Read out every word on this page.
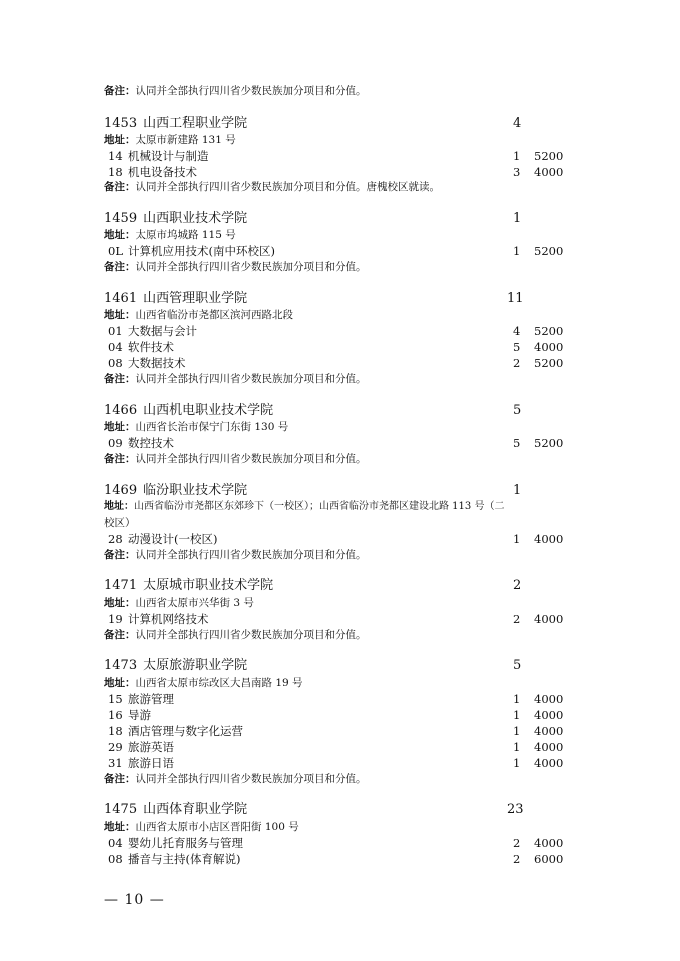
备注：认同并全部执行四川省少数民族加分项目和分值。
1453 山西工程职业学院	4
地址：太原市新建路 131 号
14 机械设计与制造	1 5200
18 机电设备技术	3 4000
备注：认同并全部执行四川省少数民族加分项目和分值。唐槐校区就读。
1459 山西职业技术学院	1
地址：太原市坞城路 115 号
0L 计算机应用技术(南中环校区)	1 5200
备注：认同并全部执行四川省少数民族加分项目和分值。
1461 山西管理职业学院	11
地址：山西省临汾市尧都区滨河西路北段
01 大数据与会计	4 5200
04 软件技术	5 4000
08 大数据技术	2 5200
备注：认同并全部执行四川省少数民族加分项目和分值。
1466 山西机电职业技术学院	5
地址：山西省长治市保宁门东街 130 号
09 数控技术	5 5200
备注：认同并全部执行四川省少数民族加分项目和分值。
1469 临汾职业技术学院	1
地址：山西省临汾市尧都区东郊珍下（一校区）；山西省临汾市尧都区建设北路 113 号（二
校区）
28 动漫设计(一校区)	1 4000
备注：认同并全部执行四川省少数民族加分项目和分值。
1471 太原城市职业技术学院	2
地址：山西省太原市兴华街 3 号
19 计算机网络技术	2 4000
备注：认同并全部执行四川省少数民族加分项目和分值。
1473 太原旅游职业学院	5
地址：山西省太原市综改区大昌南路 19 号
15 旅游管理	1 4000
16 导游	1 4000
18 酒店管理与数字化运营	1 4000
29 旅游英语	1 4000
31 旅游日语	1 4000
备注：认同并全部执行四川省少数民族加分项目和分值。
1475 山西体育职业学院	23
地址：山西省太原市小店区晋阳街 100 号
04 婴幼儿托育服务与管理	2 4000
08 播音与主持(体育解说)	2 6000
— 10 —
